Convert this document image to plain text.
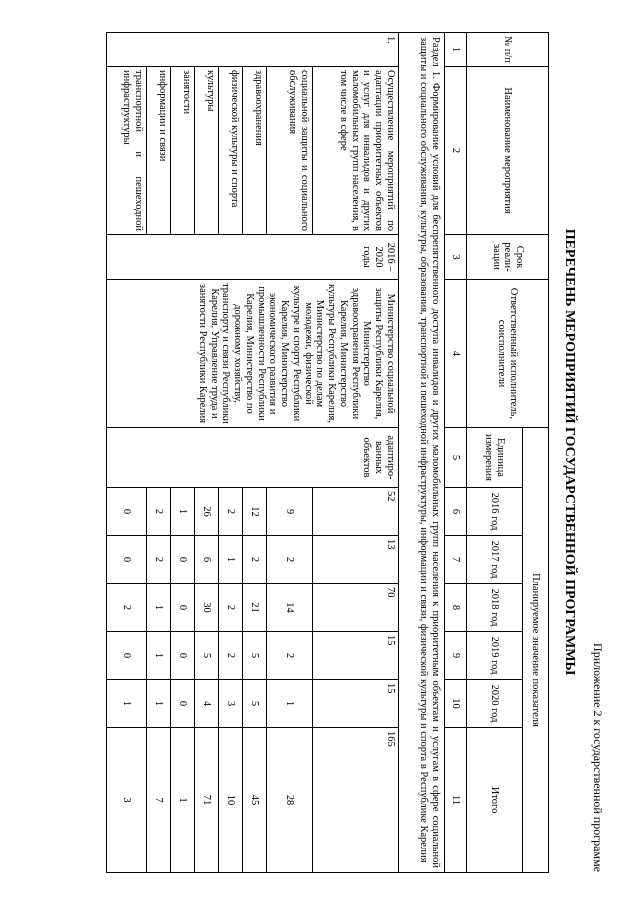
Приложение 2 к государственной программе
ПЕРЕЧЕНЬ МЕРОПРИЯТИЙ ГОСУДАРСТВЕННОЙ ПРОГРАММЫ
№ п/п	Наименование мероприятия	Срок реализации	Ответственный исполнитель, соисполнители	Планируемое значение показателя						
				Единица измерения	2016 год	2017 год	2018 год	2019 год	2020 год	Итого
1	2	3	4	5	6	7	8	9	10	11
Раздел 1. Формирование условий для беспрепятственного доступа инвалидов и других маломобильных групп населения к приоритетным объектам и услугам в сфере социальной защиты и социального обслуживания, культуры, образования, транспортной и пешеходной инфраструктуры, информации и связи, физической культуры и спорта в Республике Карелия										
1.	Осуществление мероприятий по адаптации приоритетных объектов и услуг для инвалидов и других маломобильных групп населения, в том числе в сфере	2016 – 2020 годы	Министерство социальной защиты Республики Карелия, Министерство здравоохранения Республики Карелия, Министерство культуры Республики Карелия, Министерство по делам молодежи, физической культуре и спорту Республики Карелия, Министерство экономического развития и промышленности Республики Карелия, Министерство по дорожному хозяйству, транспорту и связи Республики Карелия, Управление труда и занятости Республики Карелия	адаптированных объектов	52	13	70	15	15	165
	социальной защиты и социального обслуживания				9	2	14	2	1	28
	здравоохранения				12	2	21	5	5	45
	физической культуры и спорта				2	1	2	2	3	10
	культуры				26	6	30	5	4	71
	занятости				1	0	0	0	0	1
	информации и связи				2	2	1	1	1	7
	транспортной и пешеходной инфраструктуры				0	0	2	0	1	3
